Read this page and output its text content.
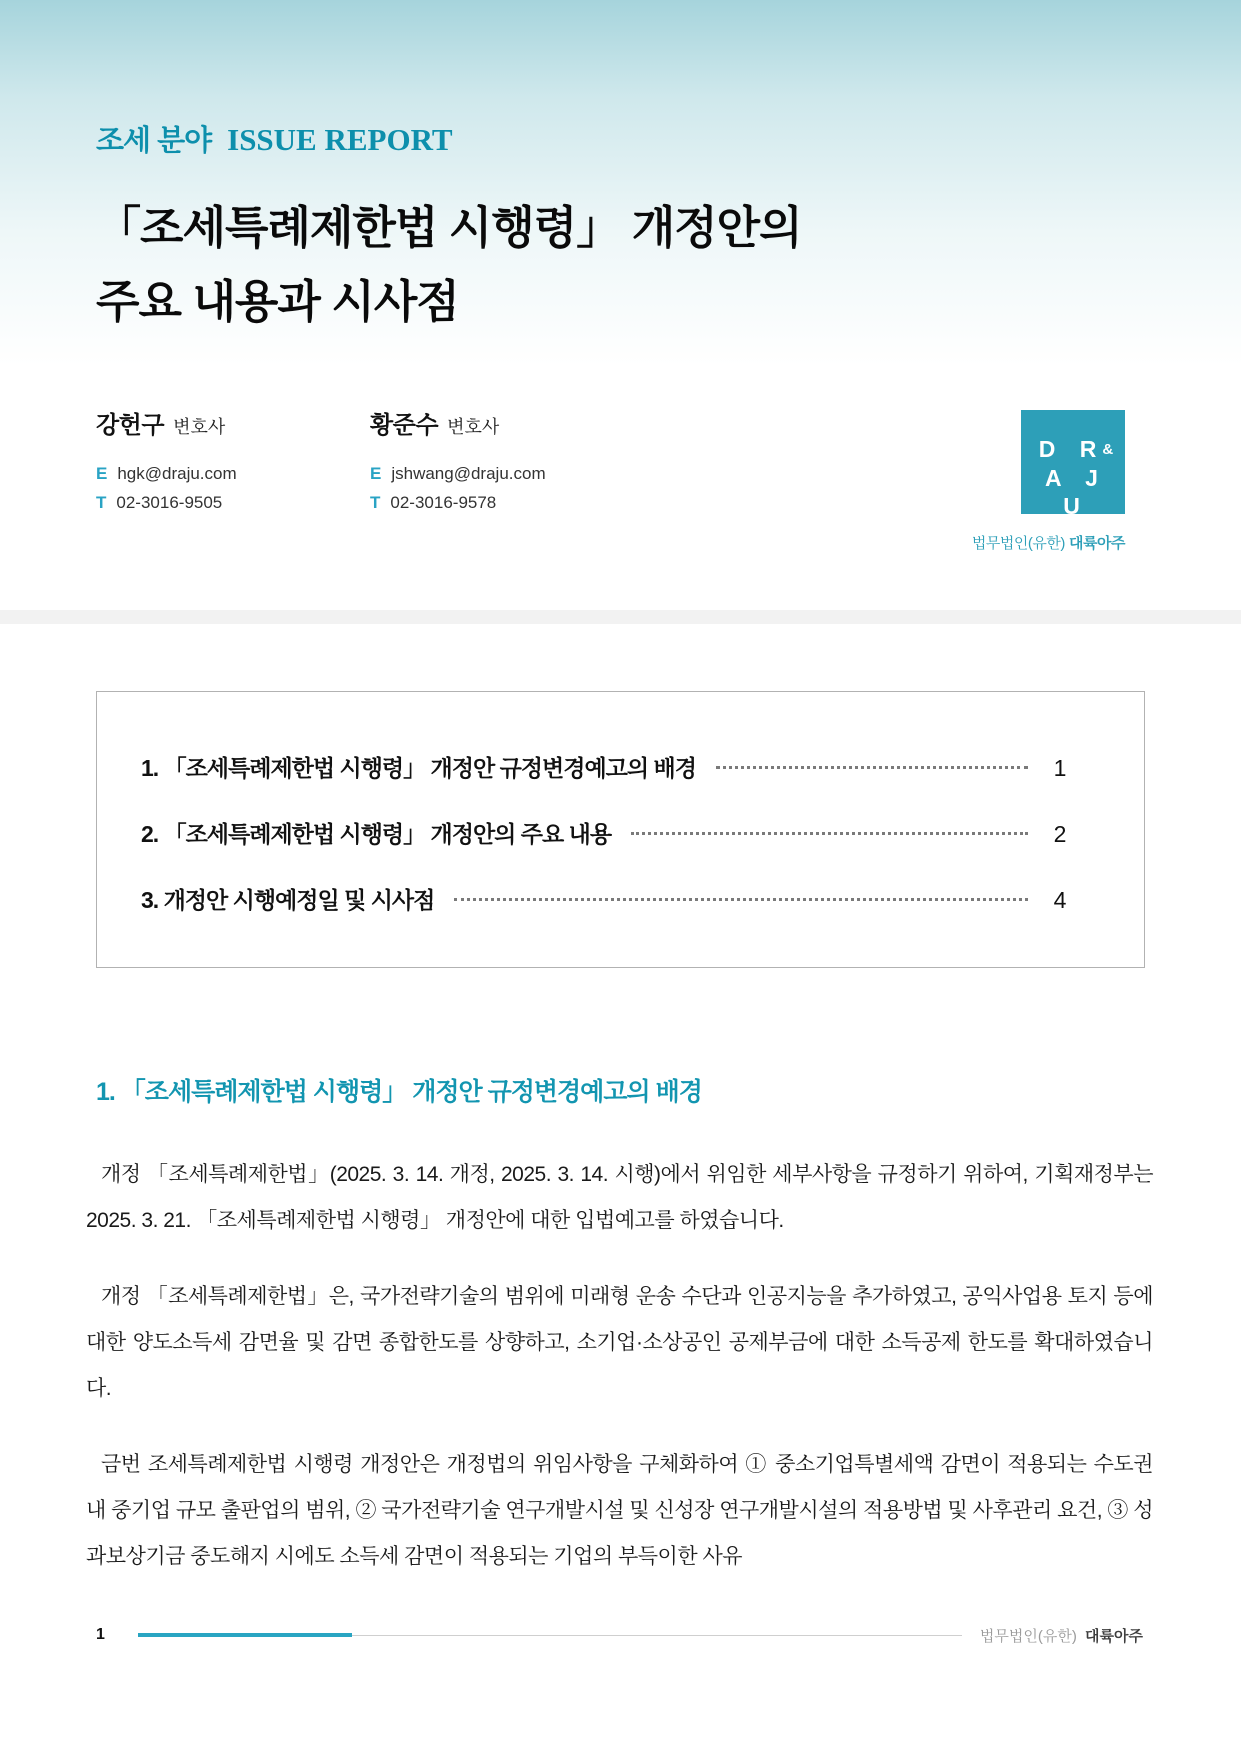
조세 분야 ISSUE REPORT
「조세특례제한법 시행령」 개정안의
주요 내용과 시사점
강헌구 변호사
E hgk@draju.com
T 02-3016-9505
황준수 변호사
E jshwang@draju.com
T 02-3016-9578
D R&
A J U
법무법인(유한) 대륙아주
1. 「조세특례제한법 시행령」 개정안 규정변경예고의 배경	1
2. 「조세특례제한법 시행령」 개정안의 주요 내용	2
3. 개정안 시행예정일 및 시사점	4
1. 「조세특례제한법 시행령」 개정안 규정변경예고의 배경

개정 「조세특례제한법」(2025. 3. 14. 개정, 2025. 3. 14. 시행)에서 위임한 세부사항을 규정하기 위하여, 기획재정부는 2025. 3. 21. 「조세특례제한법 시행령」 개정안에 대한 입법예고를 하였습니다.

개정 「조세특례제한법」은, 국가전략기술의 범위에 미래형 운송 수단과 인공지능을 추가하였고, 공익사업용 토지 등에 대한 양도소득세 감면율 및 감면 종합한도를 상향하고, 소기업·소상공인 공제부금에 대한 소득공제 한도를 확대하였습니다.

금번 조세특례제한법 시행령 개정안은 개정법의 위임사항을 구체화하여 ① 중소기업특별세액 감면이 적용되는 수도권 내 중기업 규모 출판업의 범위, ② 국가전략기술 연구개발시설 및 신성장 연구개발시설의 적용방법 및 사후관리 요건, ③ 성과보상기금 중도해지 시에도 소득세 감면이 적용되는 기업의 부득이한 사유

1	법무법인(유한) 대륙아주
